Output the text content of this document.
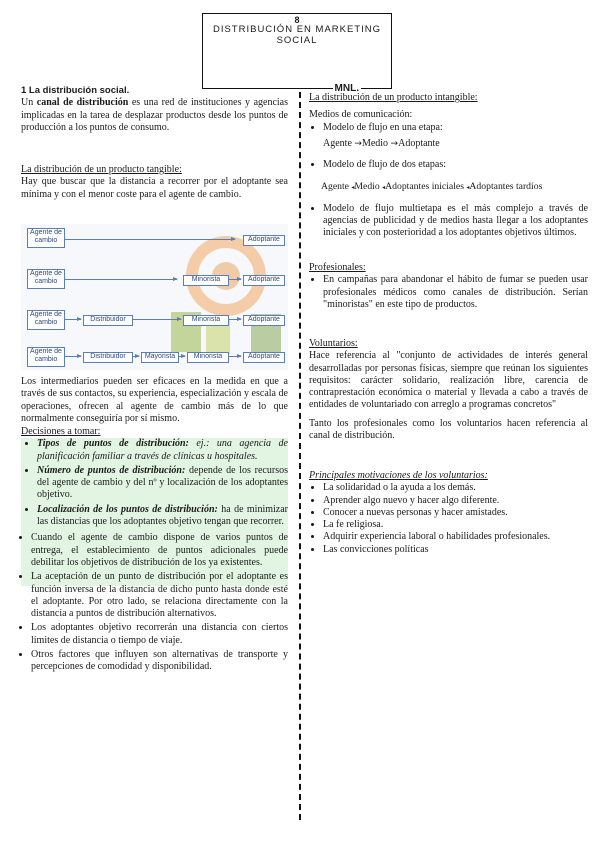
8
DISTRIBUCIÓN EN MARKETING SOCIAL
MNL.
1 La distribución social.
Un canal de distribución es una red de instituciones y agencias implicadas en la tarea de desplazar productos desde los puntos de producción a los puntos de consumo.
La distribución de un producto tangible:
Hay que buscar que la distancia a recorrer por el adoptante sea mínima y con el menor coste para el agente de cambio.
Agente de cambio	Adoptante
Agente de cambio	Minorista	Adoptante
Agente de cambio	Distribuidor	Minorista	Adoptante
Agente de cambio	Distribuidor	Mayorista	Minorista	Adoptante
Los intermediarios pueden ser eficaces en la medida en que a través de sus contactos, su experiencia, especialización y escala de operaciones, ofrecen al agente de cambio más de lo que normalmente conseguiría por sí mismo.
Decisiones a tomar:
• Tipos de puntos de distribución: ej.: una agencia de planificación familiar a través de clínicas u hospitales.
• Número de puntos de distribución: depende de los recursos del agente de cambio y del nº y localización de los adoptantes objetivo.
• Localización de los puntos de distribución: ha de minimizar las distancias que los adoptantes objetivo tengan que recorrer.
• Cuando el agente de cambio dispone de varios puntos de entrega, el establecimiento de puntos adicionales puede debilitar los objetivos de distribución de los ya existentes.
• La aceptación de un punto de distribución por el adoptante es función inversa de la distancia de dicho punto hasta donde esté el adoptante. Por otro lado, se relaciona directamente con la distancia a puntos de distribución alternativos.
• Los adoptantes objetivo recorrerán una distancia con ciertos límites de distancia o tiempo de viaje.
• Otros factores que influyen son alternativas de transporte y percepciones de comodidad y disponibilidad.
La distribución de un producto intangible:
Medios de comunicación:
• Modelo de flujo en una etapa:
Agente →Medio →Adoptante
• Modelo de flujo de dos etapas:
Agente ◂Medio ◂Adoptantes iniciales ◂Adoptantes tardíos
• Modelo de flujo multietapa es el más complejo a través de agencias de publicidad y de medios hasta llegar a los adoptantes iniciales y con posterioridad a los adoptantes objetivos últimos.
Profesionales:
• En campañas para abandonar el hábito de fumar se pueden usar profesionales médicos como canales de distribución. Serían "minoristas" en este tipo de productos.
Voluntarios:
Hace referencia al "conjunto de actividades de interés general desarrolladas por personas físicas, siempre que reúnan los siguientes requisitos: carácter solidario, realización libre, carencia de contraprestación económica o material y llevada a cabo a través de entidades de voluntariado con arreglo a programas concretos"
Tanto los profesionales como los voluntarios hacen referencia al canal de distribución.
Principales motivaciones de los voluntarios:
• La solidaridad o la ayuda a los demás.
• Aprender algo nuevo y hacer algo diferente.
• Conocer a nuevas personas y hacer amistades.
• La fe religiosa.
• Adquirir experiencia laboral o habilidades profesionales.
• Las convicciones políticas
